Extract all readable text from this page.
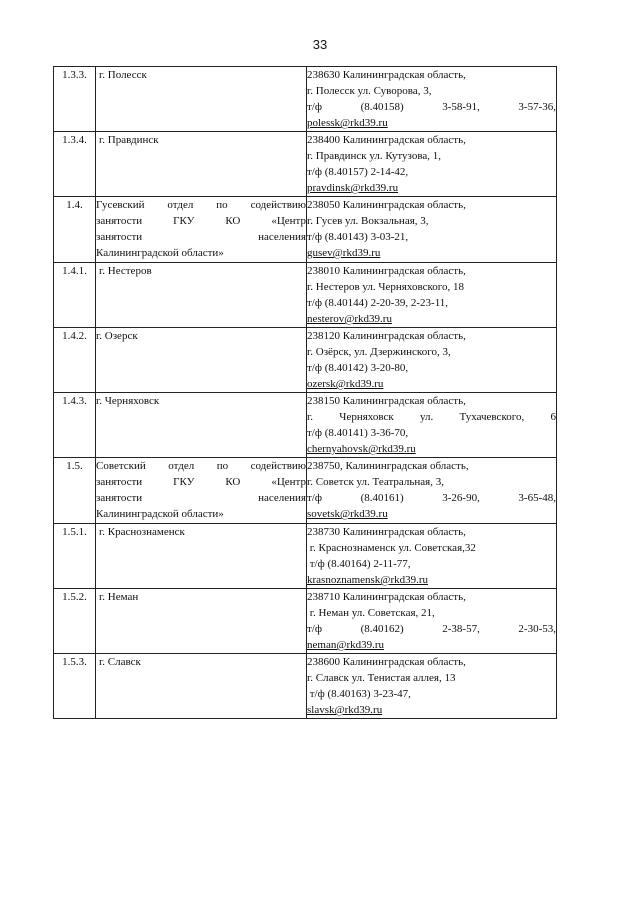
33
1.3.3.	г. Полесск	238630 Калининградская область,
г. Полесск ул. Суворова, 3,
т/ф (8.40158) 3-58-91, 3-57-36,
polessk@rkd39.ru

1.3.4.	г. Правдинск	238400 Калининградская область,
г. Правдинск ул. Кутузова, 1,
т/ф (8.40157) 2-14-42,
pravdinsk@rkd39.ru

1.4.	Гусевский отдел по содействию
занятости ГКУ КО «Центр
занятости населения
Калининградской области»	238050 Калининградская область,
г. Гусев ул. Вокзальная, 3,
т/ф (8.40143) 3-03-21,
gusev@rkd39.ru

1.4.1.	г. Нестеров	238010 Калининградская область,
г. Нестеров ул. Черняховского, 18
т/ф (8.40144) 2-20-39, 2-23-11,
nesterov@rkd39.ru

1.4.2.	г. Озерск	238120 Калининградская область,
г. Озёрск, ул. Дзержинского, 3,
т/ф (8.40142) 3-20-80,
ozersk@rkd39.ru

1.4.3.	г. Черняховск	238150 Калининградская область,
г. Черняховск ул. Тухачевского, 6
т/ф (8.40141) 3-36-70,
chernyahovsk@rkd39.ru

1.5.	Советский отдел по содействию
занятости ГКУ КО «Центр
занятости населения
Калининградской области»	238750, Калининградская область,
г. Советск ул. Театральная, 3,
т/ф (8.40161) 3-26-90, 3-65-48,
sovetsk@rkd39.ru

1.5.1.	г. Краснознаменск	238730 Калининградская область,
г. Краснознаменск ул. Советская,32
т/ф (8.40164) 2-11-77,
krasnoznamensk@rkd39.ru

1.5.2.	г. Неман	238710 Калининградская область,
г. Неман ул. Советская, 21,
т/ф (8.40162) 2-38-57, 2-30-53,
neman@rkd39.ru

1.5.3.	г. Славск	238600 Калининградская область,
г. Славск ул. Тенистая аллея, 13
т/ф (8.40163) 3-23-47,
slavsk@rkd39.ru
